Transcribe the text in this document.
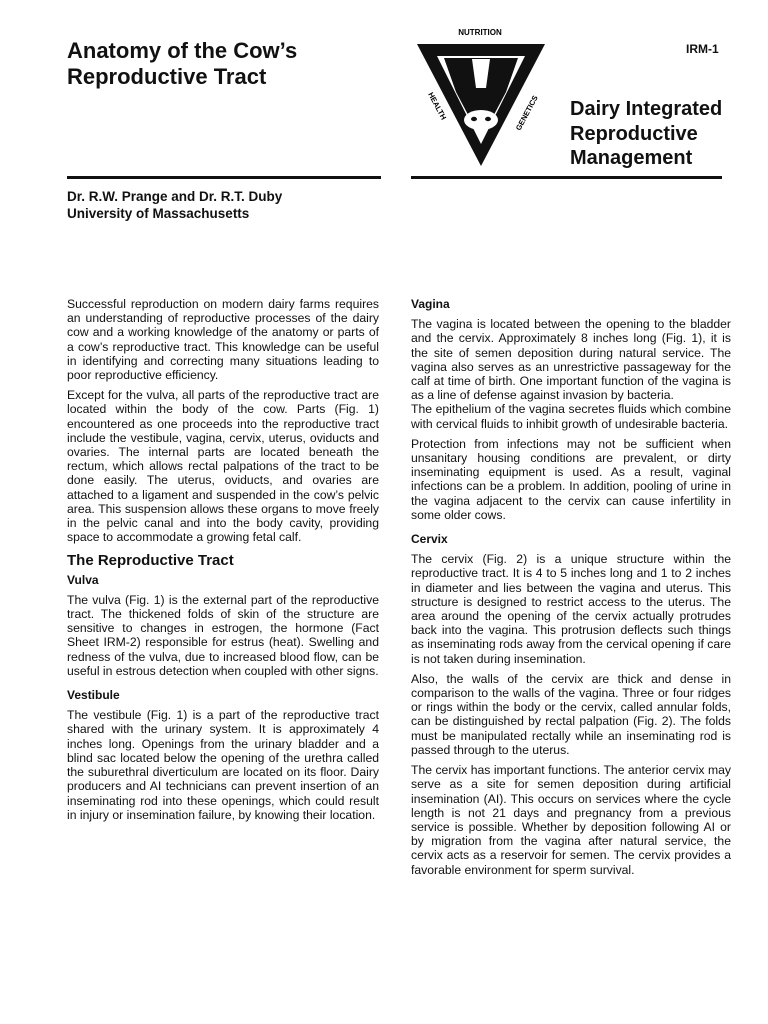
Anatomy of the Cow’s
Reproductive Tract
Dr. R.W. Prange and Dr. R.T. Duby
University of Massachusetts
NUTRITION
HEALTH	GENETICS
IRM-1
Dairy Integrated
Reproductive
Management

Successful reproduction on modern dairy farms requires an understanding of reproductive processes of the dairy cow and a working knowledge of the anatomy or parts of a cow’s reproductive tract. This knowledge can be useful in identifying and correcting many situations leading to poor reproductive efficiency.

Except for the vulva, all parts of the reproductive tract are located within the body of the cow. Parts (Fig. 1) encountered as one proceeds into the reproductive tract include the vestibule, vagina, cervix, uterus, oviducts and ovaries. The internal parts are located beneath the rectum, which allows rectal palpations of the tract to be done easily. The uterus, oviducts, and ovaries are attached to a ligament and suspended in the cow’s pelvic area. This suspension allows these organs to move freely in the pelvic canal and into the body cavity, providing space to accommodate a growing fetal calf.

The Reproductive Tract
Vulva

The vulva (Fig. 1) is the external part of the reproductive tract. The thickened folds of skin of the structure are sensitive to changes in estrogen, the hormone (Fact Sheet IRM-2) responsible for estrus (heat). Swelling and redness of the vulva, due to increased blood flow, can be useful in estrous detection when coupled with other signs.

Vestibule

The vestibule (Fig. 1) is a part of the reproductive tract shared with the urinary system. It is approximately 4 inches long. Openings from the urinary bladder and a blind sac located below the opening of the urethra called the suburethral diverticulum are located on its floor. Dairy producers and AI technicians can prevent insertion of an inseminating rod into these openings, which could result in injury or insemination failure, by knowing their location.

Vagina

The vagina is located between the opening to the bladder and the cervix. Approximately 8 inches long (Fig. 1), it is the site of semen deposition during natural service. The vagina also serves as an unrestrictive passageway for the calf at time of birth. One important function of the vagina is as a line of defense against invasion by bacteria.

The epithelium of the vagina secretes fluids which combine with cervical fluids to inhibit growth of undesirable bacteria.

Protection from infections may not be sufficient when unsanitary housing conditions are prevalent, or dirty inseminating equipment is used. As a result, vaginal infections can be a problem. In addition, pooling of urine in the vagina adjacent to the cervix can cause infertility in some older cows.

Cervix

The cervix (Fig. 2) is a unique structure within the reproductive tract. It is 4 to 5 inches long and 1 to 2 inches in diameter and lies between the vagina and uterus. This structure is designed to restrict access to the uterus. The area around the opening of the cervix actually protrudes back into the vagina. This protrusion deflects such things as inseminating rods away from the cervical opening if care is not taken during insemination.

Also, the walls of the cervix are thick and dense in comparison to the walls of the vagina. Three or four ridges or rings within the body or the cervix, called annular folds, can be distinguished by rectal palpation (Fig. 2). The folds must be manipulated rectally while an inseminating rod is passed through to the uterus.

The cervix has important functions. The anterior cervix may serve as a site for semen deposition during artificial insemination (AI). This occurs on services where the cycle length is not 21 days and pregnancy from a previous service is possible. Whether by deposition following AI or by migration from the vagina after natural service, the cervix acts as a reservoir for semen. The cervix provides a favorable environment for sperm survival.
